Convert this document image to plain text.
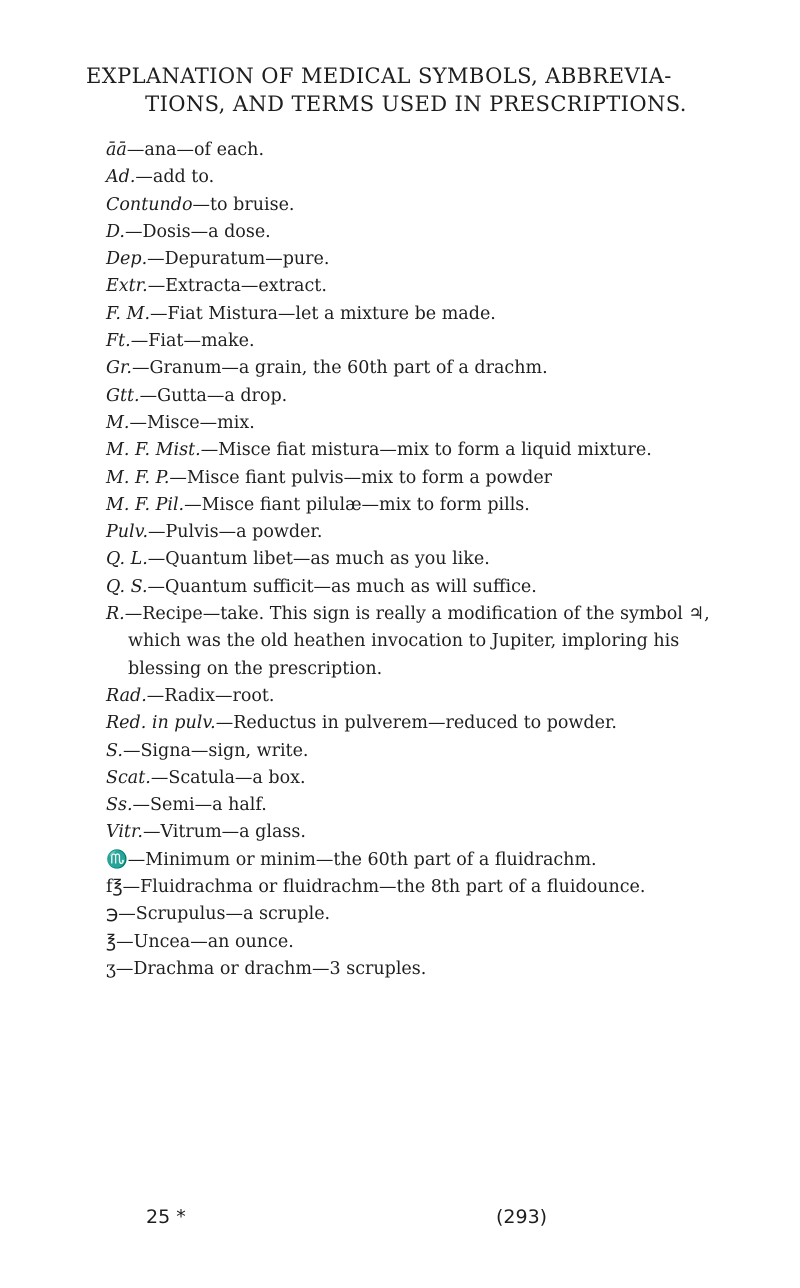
EXPLANATION OF MEDICAL SYMBOLS, ABBREVIA-
TIONS, AND TERMS USED IN PRESCRIPTIONS.

āā—ana—of each.

Ad.—add to.

Contundo—to bruise.

D.—Dosis—a dose.

Dep.—Depuratum—pure.

Extr.—Extracta—extract.

F. M.—Fiat Mistura—let a mixture be made.

Ft.—Fiat—make.

Gr.—Granum—a grain, the 60th part of a drachm.

Gtt.—Gutta—a drop.

M.—Misce—mix.

M. F. Mist.—Misce fiat mistura—mix to form a liquid mixture.

M. F. P.—Misce fiant pulvis—mix to form a powder

M. F. Pil.—Misce fiant pilulæ—mix to form pills.

Pulv.—Pulvis—a powder.

Q. L.—Quantum libet—as much as you like.

Q. S.—Quantum sufficit—as much as will suffice.

R.—Recipe—take. This sign is really a modification of the symbol ♃, which was the old heathen invocation to Jupiter, imploring his blessing on the prescription.

Rad.—Radix—root.

Red. in pulv.—Reductus in pulverem—reduced to powder.

S.—Signa—sign, write.

Scat.—Scatula—a box.

Ss.—Semi—a half.

Vitr.—Vitrum—a glass.

♏—Minimum or minim—the 60th part of a fluidrachm.

f℥—Fluidrachma or fluidrachm—the 8th part of a fluidounce.

℈—Scrupulus—a scruple.

℥—Uncea—an ounce.

ʒ—Drachma or drachm—3 scruples.

25 *	(293)
